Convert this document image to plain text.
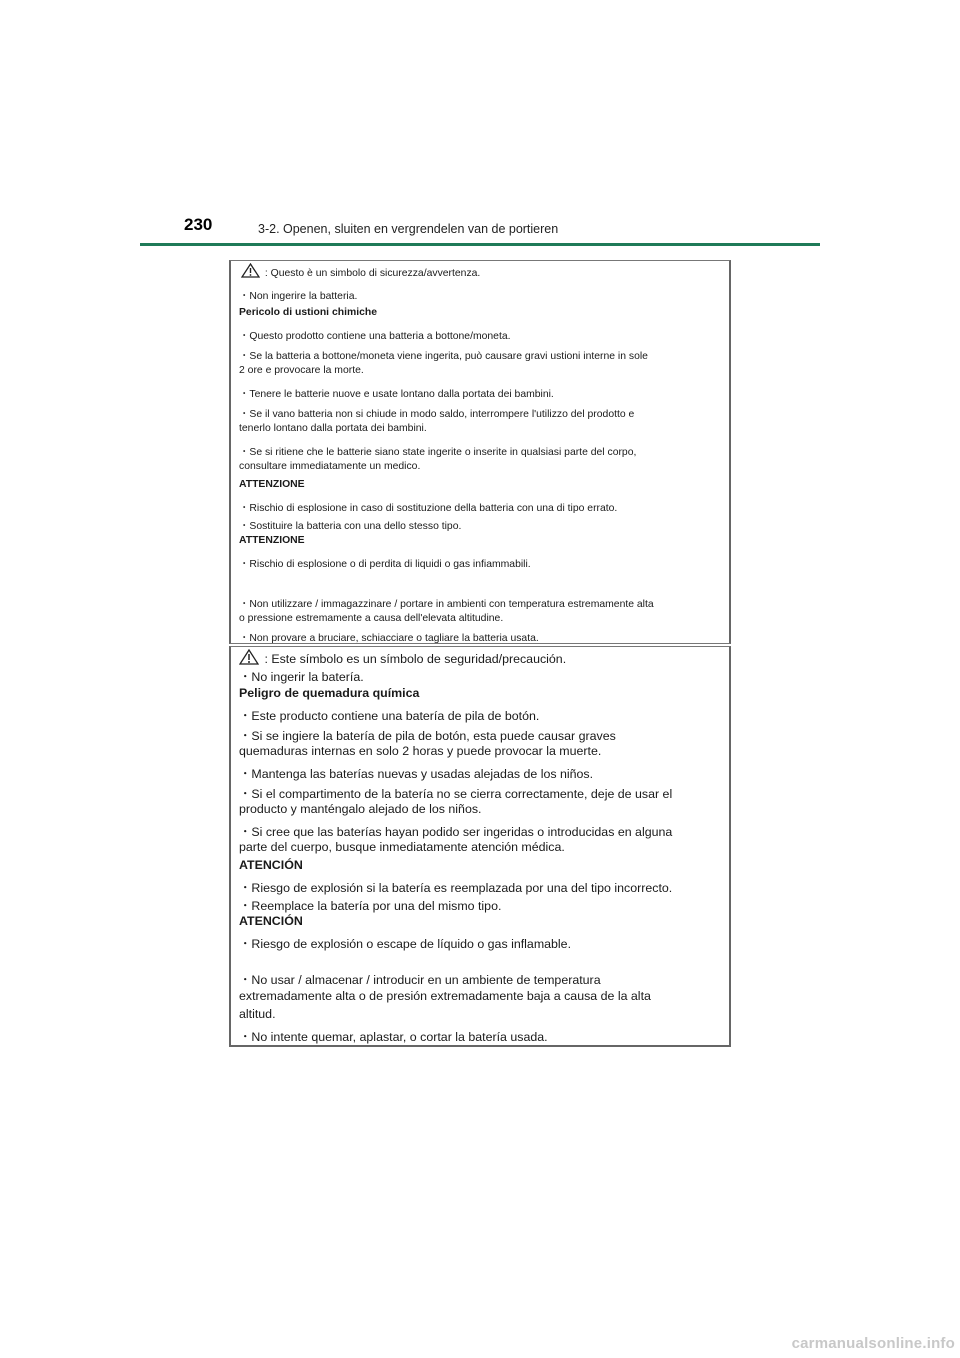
230	3-2. Openen, sluiten en vergrendelen van de portieren
: Questo è un simbolo di sicurezza/avvertenza.
・Non ingerire la batteria.
Pericolo di ustioni chimiche
・Questo prodotto contiene una batteria a bottone/moneta.
・Se la batteria a bottone/moneta viene ingerita, può causare gravi ustioni interne in sole
2 ore e provocare la morte.
・Tenere le batterie nuove e usate lontano dalla portata dei bambini.
・Se il vano batteria non si chiude in modo saldo, interrompere l'utilizzo del prodotto e
tenerlo lontano dalla portata dei bambini.
・Se si ritiene che le batterie siano state ingerite o inserite in qualsiasi parte del corpo,
consultare immediatamente un medico.
ATTENZIONE
・Rischio di esplosione in caso di sostituzione della batteria con una di tipo errato.
・Sostituire la batteria con una dello stesso tipo.
ATTENZIONE
・Rischio di esplosione o di perdita di liquidi o gas infiammabili.
・Non utilizzare / immagazzinare / portare in ambienti con temperatura estremamente alta
o pressione estremamente a causa dell'elevata altitudine.
・Non provare a bruciare, schiacciare o tagliare la batteria usata.
: Este símbolo es un símbolo de seguridad/precaución.
・No ingerir la batería.
Peligro de quemadura química
・Este producto contiene una batería de pila de botón.
・Si se ingiere la batería de pila de botón, esta puede causar graves
quemaduras internas en solo 2 horas y puede provocar la muerte.
・Mantenga las baterías nuevas y usadas alejadas de los niños.
・Si el compartimento de la batería no se cierra correctamente, deje de usar el
producto y manténgalo alejado de los niños.
・Si cree que las baterías hayan podido ser ingeridas o introducidas en alguna
parte del cuerpo, busque inmediatamente atención médica.
ATENCIÓN
・Riesgo de explosión si la batería es reemplazada por una del tipo incorrecto.
・Reemplace la batería por una del mismo tipo.
ATENCIÓN
・Riesgo de explosión o escape de líquido o gas inflamable.
・No usar / almacenar / introducir en un ambiente de temperatura
extremadamente alta o de presión extremadamente baja a causa de la alta
altitud.
・No intente quemar, aplastar, o cortar la batería usada.
carmanualsonline.info
